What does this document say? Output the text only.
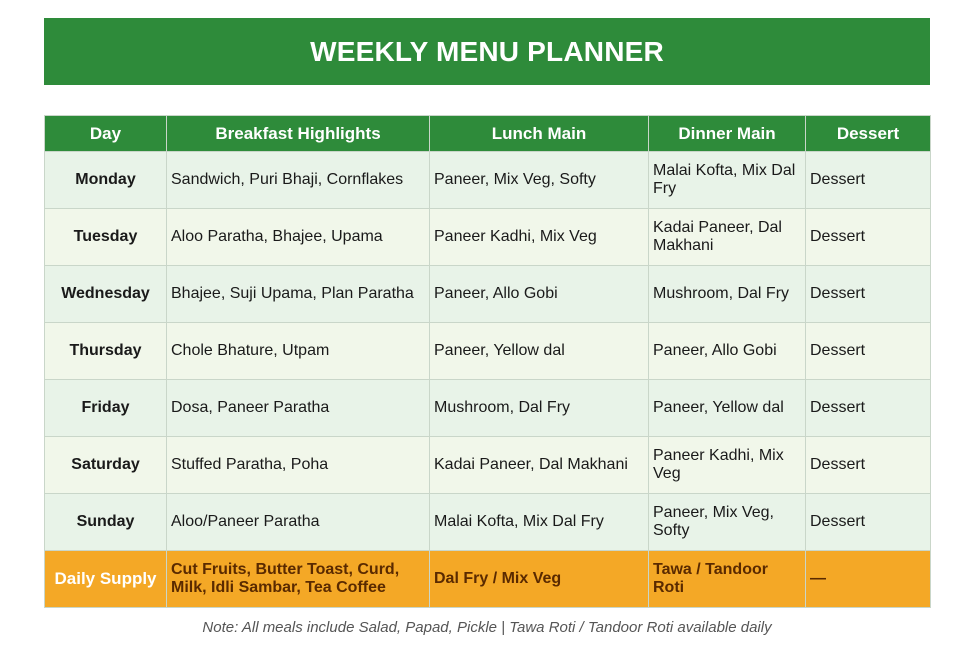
WEEKLY MENU PLANNER
Day	Breakfast Highlights	Lunch Main	Dinner Main	Dessert
Monday	Sandwich, Puri Bhaji, Cornflakes	Paneer, Mix Veg, Softy	Malai Kofta, Mix Dal Fry	Dessert
Tuesday	Aloo Paratha, Bhajee, Upama	Paneer Kadhi, Mix Veg	Kadai Paneer, Dal Makhani	Dessert
Wednesday	Bhajee, Suji Upama, Plan Paratha	Paneer, Allo Gobi	Mushroom, Dal Fry	Dessert
Thursday	Chole Bhature, Utpam	Paneer, Yellow dal	Paneer, Allo Gobi	Dessert
Friday	Dosa, Paneer Paratha	Mushroom, Dal Fry	Paneer, Yellow dal	Dessert
Saturday	Stuffed Paratha, Poha	Kadai Paneer, Dal Makhani	Paneer Kadhi, Mix Veg	Dessert
Sunday	Aloo/Paneer Paratha	Malai Kofta, Mix Dal Fry	Paneer, Mix Veg, Softy	Dessert
Daily Supply	Cut Fruits, Butter Toast, Curd, Milk, Idli Sambar, Tea Coffee	Dal Fry / Mix Veg	Tawa / Tandoor Roti	—
Note: All meals include Salad, Papad, Pickle | Tawa Roti / Tandoor Roti available daily
